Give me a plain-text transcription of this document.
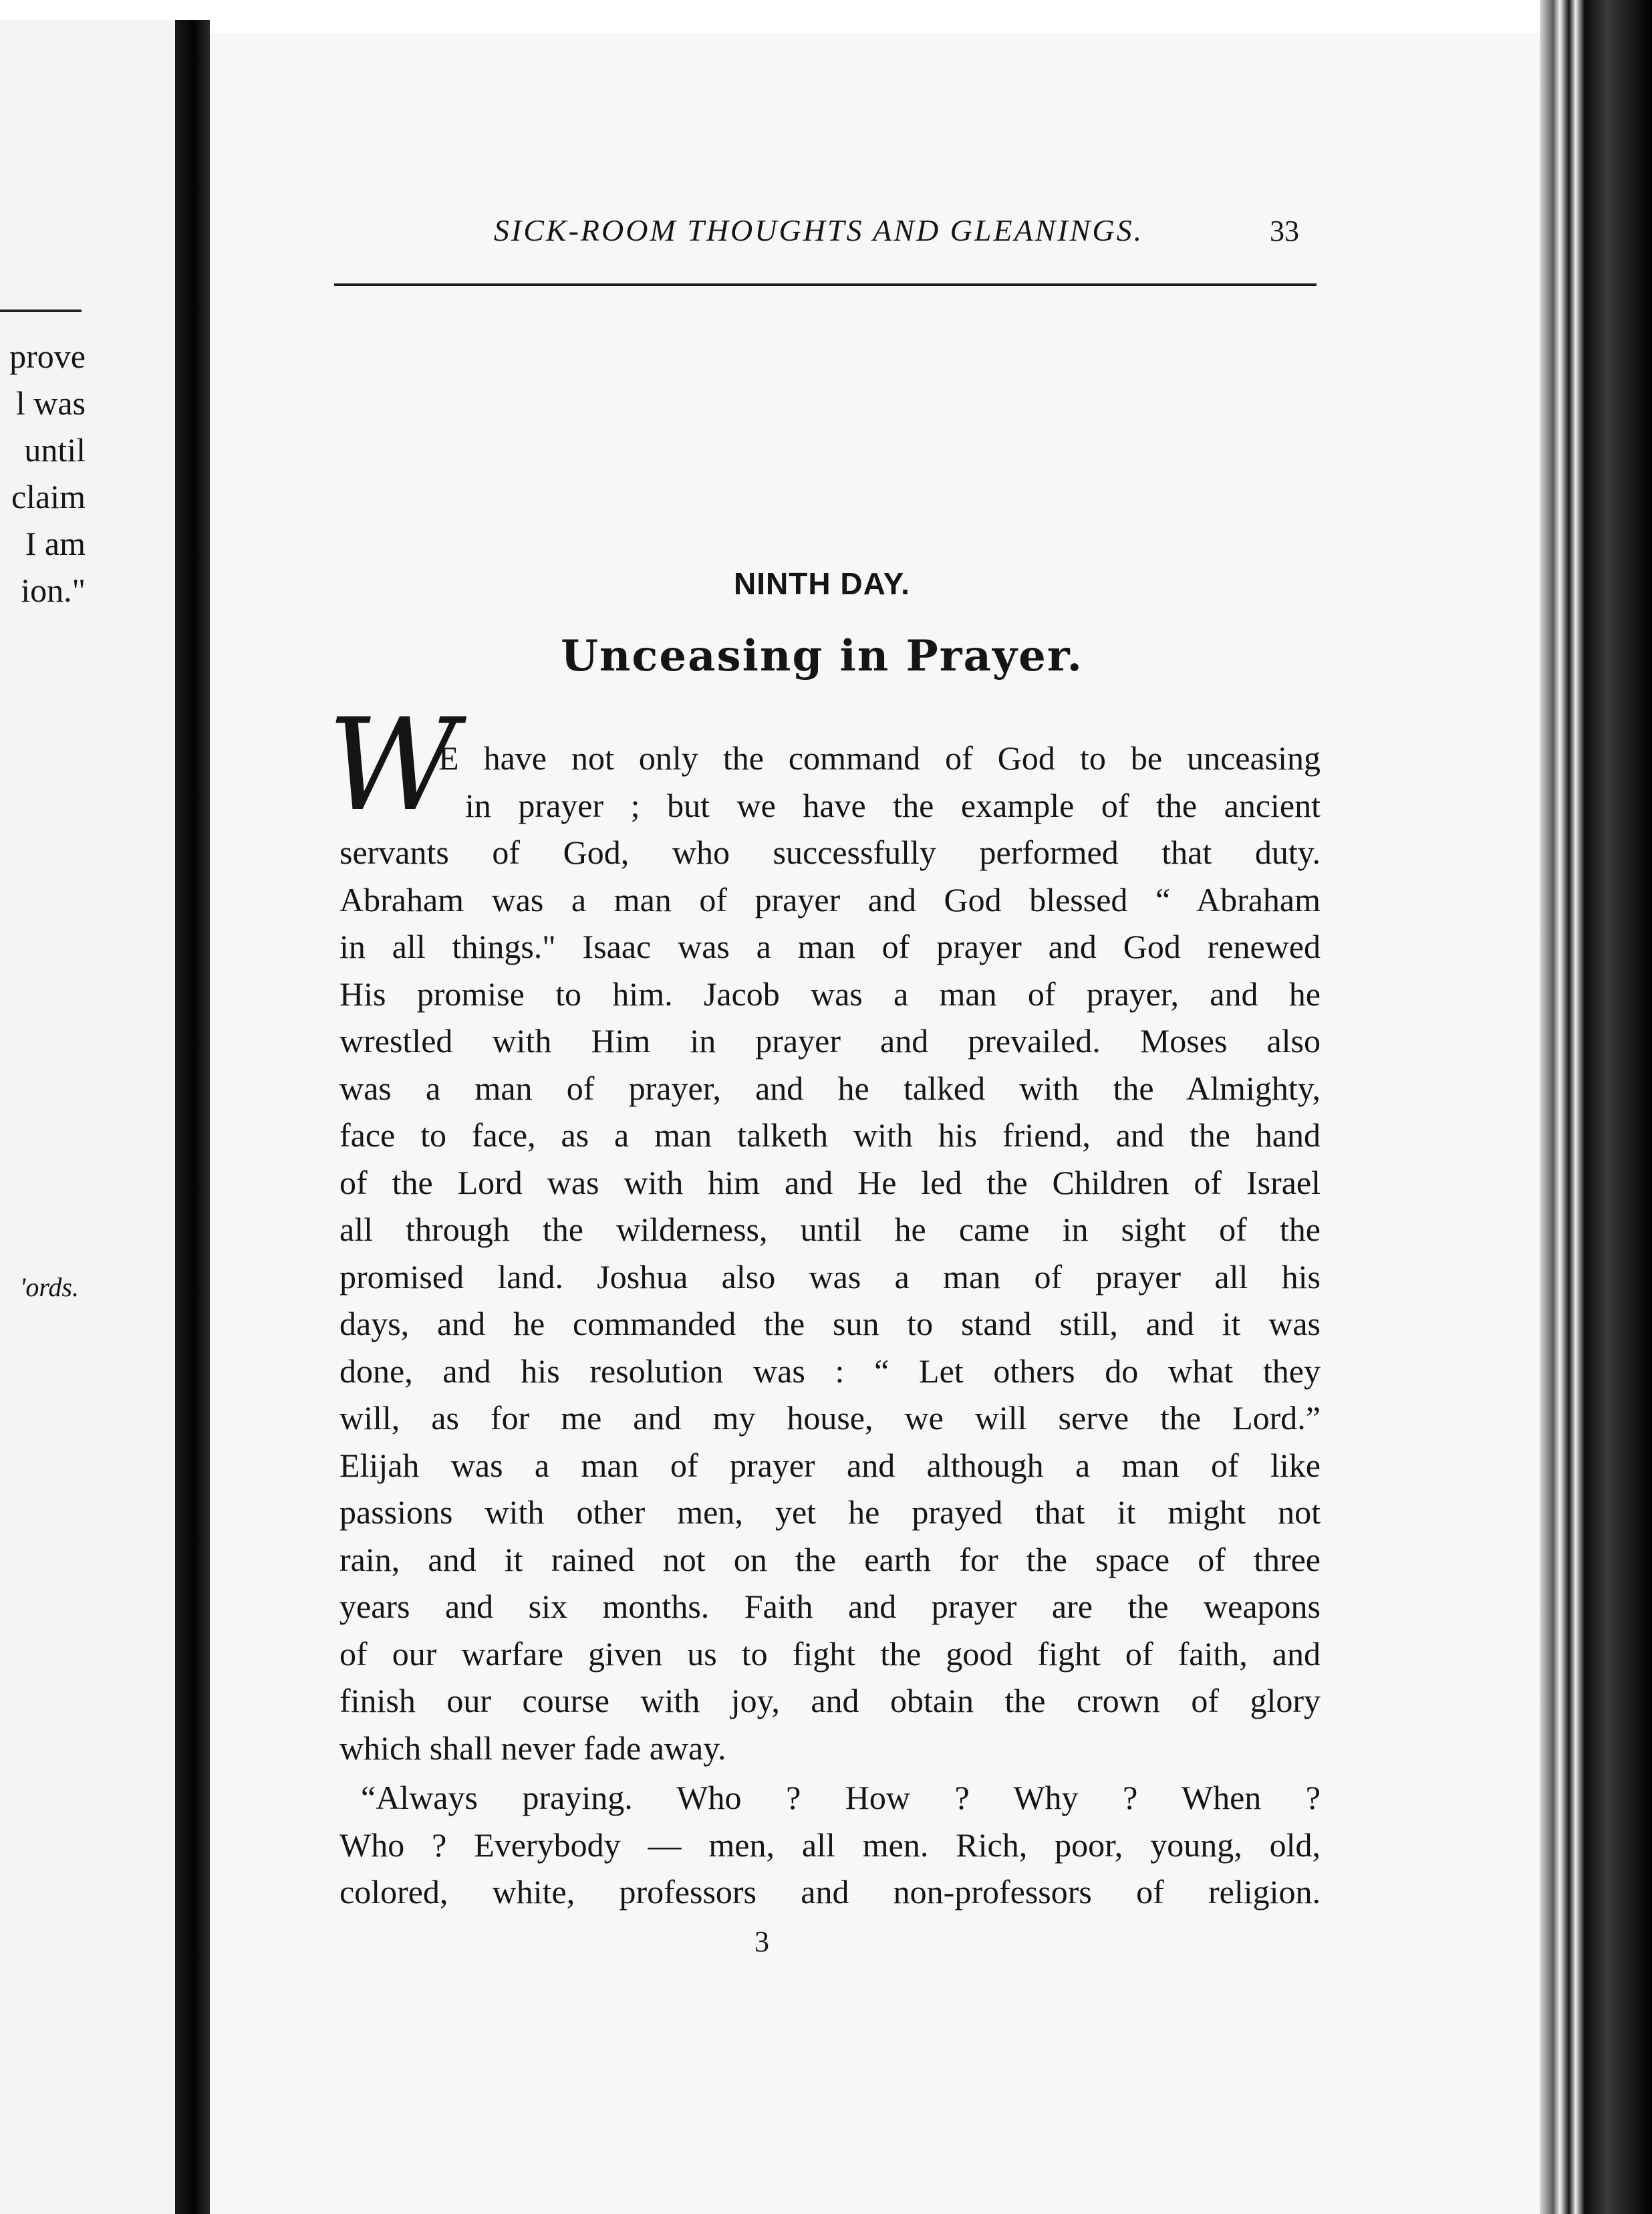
prove
l was
until
claim
I am
ion."
'ords.
SICK-ROOM THOUGHTS AND GLEANINGS.	33
NINTH DAY.
Unceasing in Prayer.
W
E have not only the command of God to be unceasing
in prayer ; but we have the example of the ancient
servants of God, who successfully performed that duty.
Abraham was a man of prayer and God blessed “ Abraham
in all things." Isaac was a man of prayer and God renewed
His promise to him. Jacob was a man of prayer, and he
wrestled with Him in prayer and prevailed. Moses also
was a man of prayer, and he talked with the Almighty,
face to face, as a man talketh with his friend, and the hand
of the Lord was with him and He led the Children of Israel
all through the wilderness, until he came in sight of the
promised land. Joshua also was a man of prayer all his
days, and he commanded the sun to stand still, and it was
done, and his resolution was : “ Let others do what they
will, as for me and my house, we will serve the Lord.”
Elijah was a man of prayer and although a man of like
passions with other men, yet he prayed that it might not
rain, and it rained not on the earth for the space of three
years and six months. Faith and prayer are the weapons
of our warfare given us to fight the good fight of faith, and
finish our course with joy, and obtain the crown of glory
which shall never fade away.
“Always praying. Who ? How ? Why ? When ?
Who ? Everybody — men, all men. Rich, poor, young, old,
colored, white, professors and non-professors of religion.
3
